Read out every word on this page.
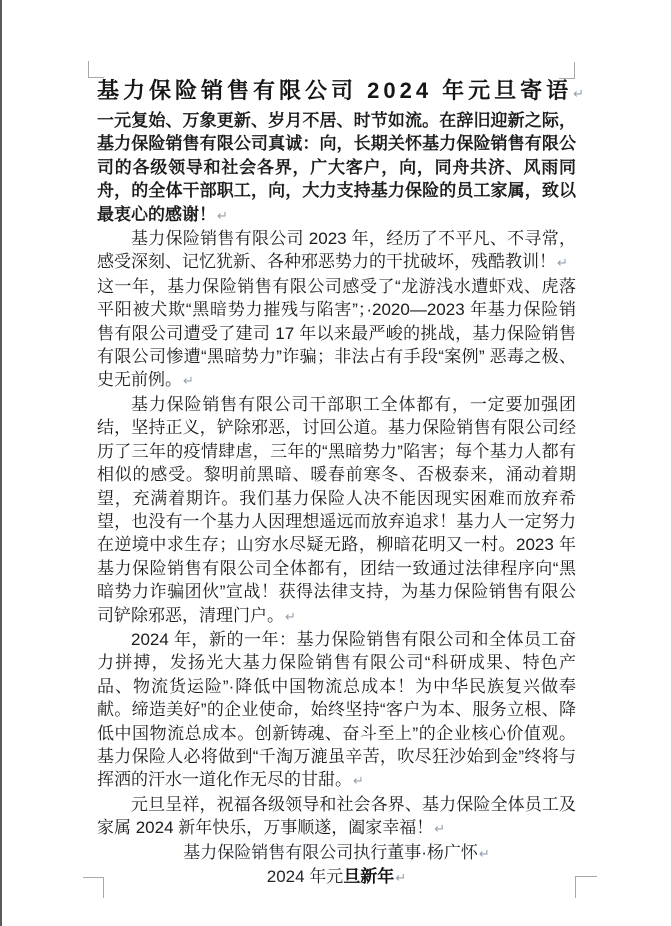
基力保险销售有限公司 2024 年元旦寄语↵
一元复始、万象更新、岁月不居、时节如流。在辞旧迎新之际，基力保险销售有限公司真诚：向，长期关怀基力保险销售有限公司的各级领导和社会各界，广大客户，向，同舟共济、风雨同舟，的全体干部职工，向，大力支持基力保险的员工家属，致以最衷心的感谢！↵
基力保险销售有限公司 2023 年，经历了不平凡、不寻常，感受深刻、记忆犹新、各种邪恶势力的干扰破坏，残酷教训！↵
这一年，基力保险销售有限公司感受了“龙游浅水遭虾戏、虎落平阳被犬欺“黑暗势力摧残与陷害”；·2020—2023 年基力保险销售有限公司遭受了建司 17 年以来最严峻的挑战，基力保险销售有限公司惨遭“黑暗势力”诈骗；非法占有手段“案例” 恶毒之极、史无前例。↵
基力保险销售有限公司干部职工全体都有，一定要加强团结，坚持正义，铲除邪恶，讨回公道。基力保险销售有限公司经历了三年的疫情肆虐，三年的“黑暗势力”陷害；每个基力人都有相似的感受。黎明前黑暗、暖春前寒冬、否极泰来，涌动着期望，充满着期许。我们基力保险人决不能因现实困难而放弃希望，也没有一个基力人因理想遥远而放弃追求！基力人一定努力在逆境中求生存；山穷水尽疑无路，柳暗花明又一村。2023 年基力保险销售有限公司全体都有，团结一致通过法律程序向“黑暗势力诈骗团伙”宣战！获得法律支持，为基力保险销售有限公司铲除邪恶，清理门户。↵
2024 年，新的一年：基力保险销售有限公司和全体员工奋力拼搏，发扬光大基力保险销售有限公司“科研成果、特色产品、物流货运险”·降低中国物流总成本！为中华民族复兴做奉献。缔造美好”的企业使命，始终坚持“客户为本、服务立根、降低中国物流总成本。创新铸魂、奋斗至上”的企业核心价值观。基力保险人必将做到“千淘万漉虽辛苦，吹尽狂沙始到金”终将与挥洒的汗水一道化作无尽的甘甜。↵
元旦呈祥，祝福各级领导和社会各界、基力保险全体员工及家属 2024 新年快乐，万事顺遂，阖家幸福！↵
基力保险销售有限公司执行董事·杨广怀↵
2024 年元旦新年↵
